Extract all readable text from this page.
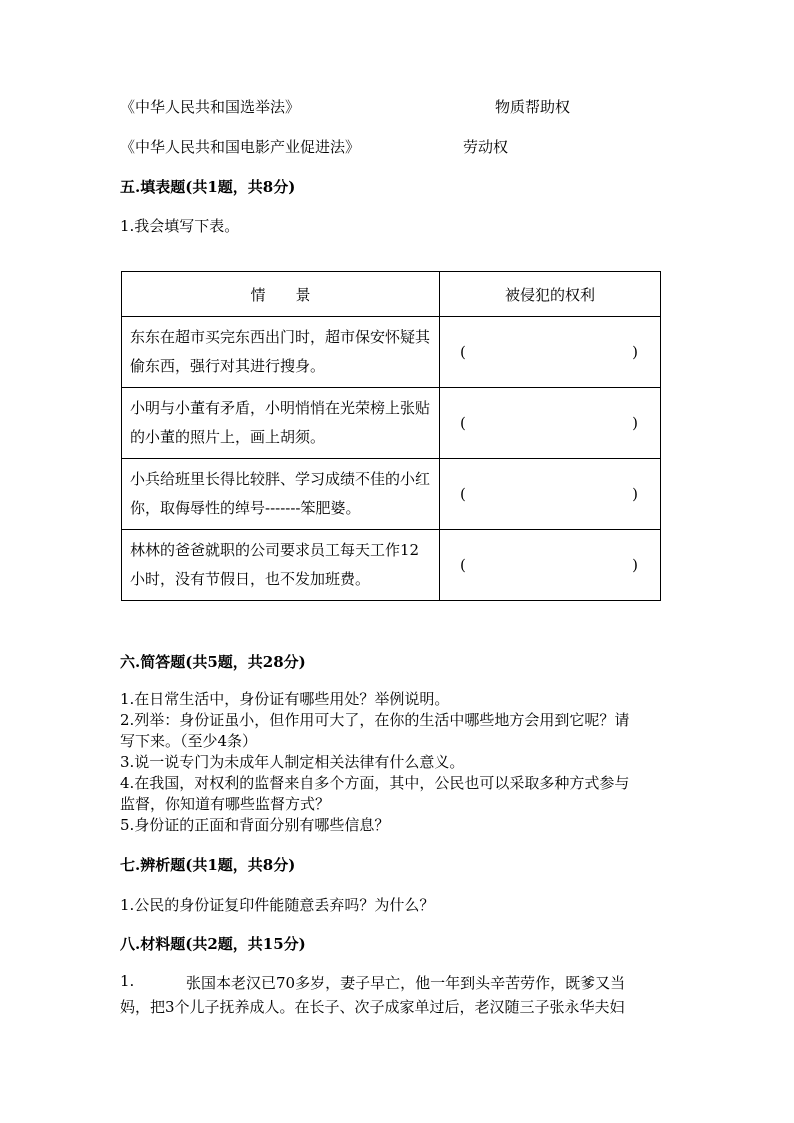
《中华人民共和国选举法》	物质帮助权
《中华人民共和国电影产业促进法》	劳动权
五.填表题(共1题，共8分)
1.我会填写下表。
情　　景	被侵犯的权利
东东在超市买完东西出门时，超市保安怀疑其偷东西，强行对其进行搜身。	( )

小明与小董有矛盾，小明悄悄在光荣榜上张贴的小董的照片上，画上胡须。	( )

小兵给班里长得比较胖、学习成绩不佳的小红你，取侮辱性的绰号-------笨肥婆。	( )

林林的爸爸就职的公司要求员工每天工作12小时，没有节假日，也不发加班费。	( )
六.简答题(共5题，共28分)
1.在日常生活中，身份证有哪些用处？举例说明。
2.列举：身份证虽小，但作用可大了，在你的生活中哪些地方会用到它呢？请
写下来。（至少4条）
3.说一说专门为未成年人制定相关法律有什么意义。
4.在我国，对权利的监督来自多个方面，其中，公民也可以采取多种方式参与
监督，你知道有哪些监督方式？
5.身份证的正面和背面分别有哪些信息？
七.辨析题(共1题，共8分)
1.公民的身份证复印件能随意丢弃吗？为什么？
八.材料题(共2题，共15分)
1.	张国本老汉已70多岁，妻子早亡，他一年到头辛苦劳作，既爹又当
妈，把3个儿子抚养成人。在长子、次子成家单过后，老汉随三子张永华夫妇
